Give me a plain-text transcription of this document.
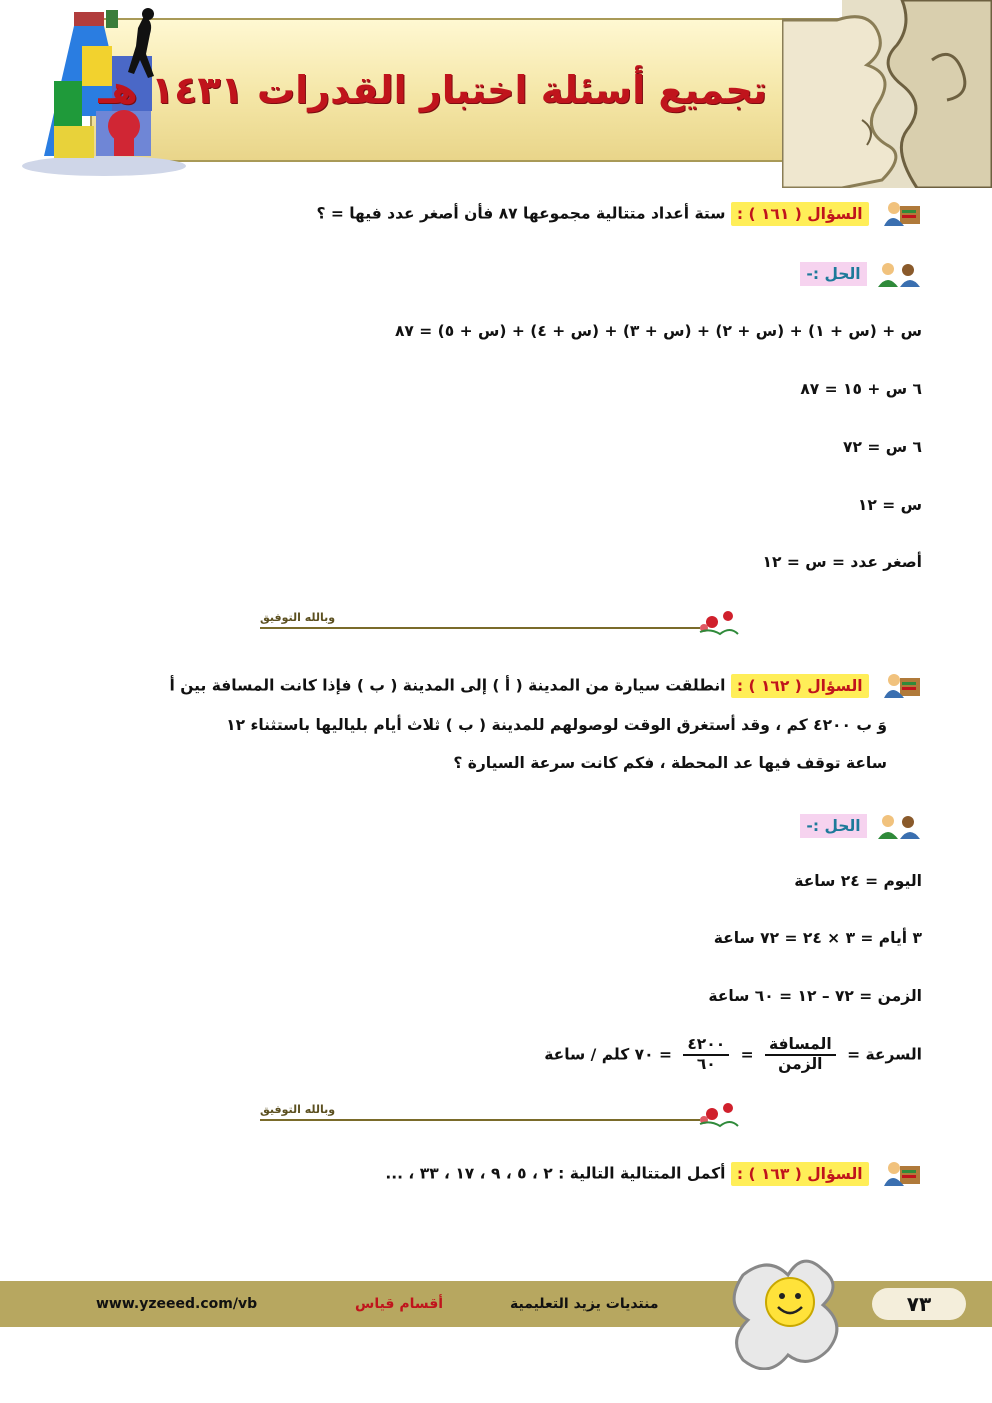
تجميع أسئلة اختبار القدرات ١٤٣١ هـ
السؤال ( ١٦١ ) : ستة أعداد متتالية مجموعها ٨٧ فأن أصغر عدد فيها = ؟
الحل :-
س + (س + ١) + (س + ٢) + (س + ٣) + (س + ٤) + (س + ٥) = ٨٧
٦ س + ١٥ = ٨٧
٦ س = ٧٢
س = ١٢
أصغر عدد = س = ١٢
وبالله التوفيق
السؤال ( ١٦٢ ) : انطلقت سيارة من المدينة ( أ ) إلى المدينة ( ب ) فإذا كانت المسافة بين أ
وَ ب ٤٢٠٠ كم ، وقد أستغرق الوقت لوصولهم للمدينة ( ب ) ثلاث أيام بلياليها باستثناء ١٢
ساعة توقف فيها عد المحطة ، فكم كانت سرعة السيارة ؟
الحل :-
اليوم = ٢٤ ساعة
٣ أيام = ٣ × ٢٤ = ٧٢ ساعة
الزمن = ٧٢ – ١٢ = ٦٠ ساعة
السرعة =
$\frac{\text{المسافة}}{\text{الزمن}}$
=
$\frac{٤٢٠٠}{٦٠}$
= ٧٠ كلم / ساعة
وبالله التوفيق
السؤال ( ١٦٣ ) : أكمل المتتالية التالية : ٢ ، ٥ ، ٩ ، ١٧ ، ٣٣ ، ...
www.yzeeed.com/vb	أقسام قياس	منتديات يزيد التعليمية	٧٣
